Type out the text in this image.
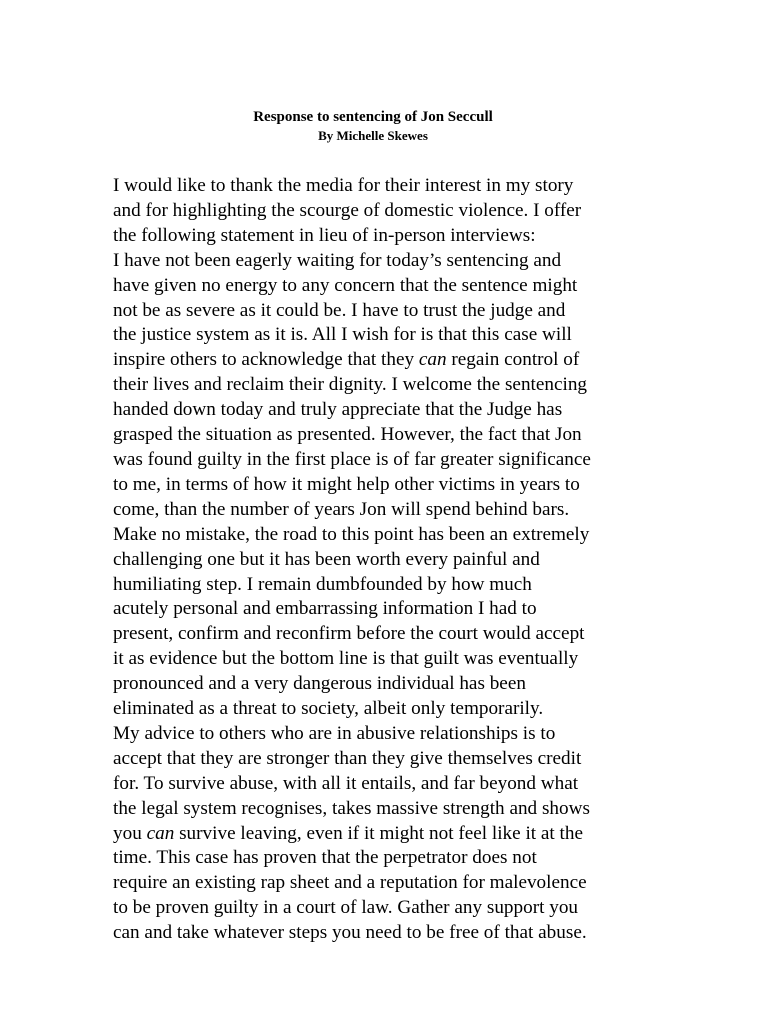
Response to sentencing of Jon Seccull
By Michelle Skewes
I would like to thank the media for their interest in my story
and for highlighting the scourge of domestic violence. I offer
the following statement in lieu of in-person interviews:
I have not been eagerly waiting for today’s sentencing and
have given no energy to any concern that the sentence might
not be as severe as it could be. I have to trust the judge and
the justice system as it is. All I wish for is that this case will
inspire others to acknowledge that they can regain control of
their lives and reclaim their dignity. I welcome the sentencing
handed down today and truly appreciate that the Judge has
grasped the situation as presented. However, the fact that Jon
was found guilty in the first place is of far greater significance
to me, in terms of how it might help other victims in years to
come, than the number of years Jon will spend behind bars.
Make no mistake, the road to this point has been an extremely
challenging one but it has been worth every painful and
humiliating step. I remain dumbfounded by how much
acutely personal and embarrassing information I had to
present, confirm and reconfirm before the court would accept
it as evidence but the bottom line is that guilt was eventually
pronounced and a very dangerous individual has been
eliminated as a threat to society, albeit only temporarily.
My advice to others who are in abusive relationships is to
accept that they are stronger than they give themselves credit
for. To survive abuse, with all it entails, and far beyond what
the legal system recognises, takes massive strength and shows
you can survive leaving, even if it might not feel like it at the
time. This case has proven that the perpetrator does not
require an existing rap sheet and a reputation for malevolence
to be proven guilty in a court of law. Gather any support you
can and take whatever steps you need to be free of that abuse.
